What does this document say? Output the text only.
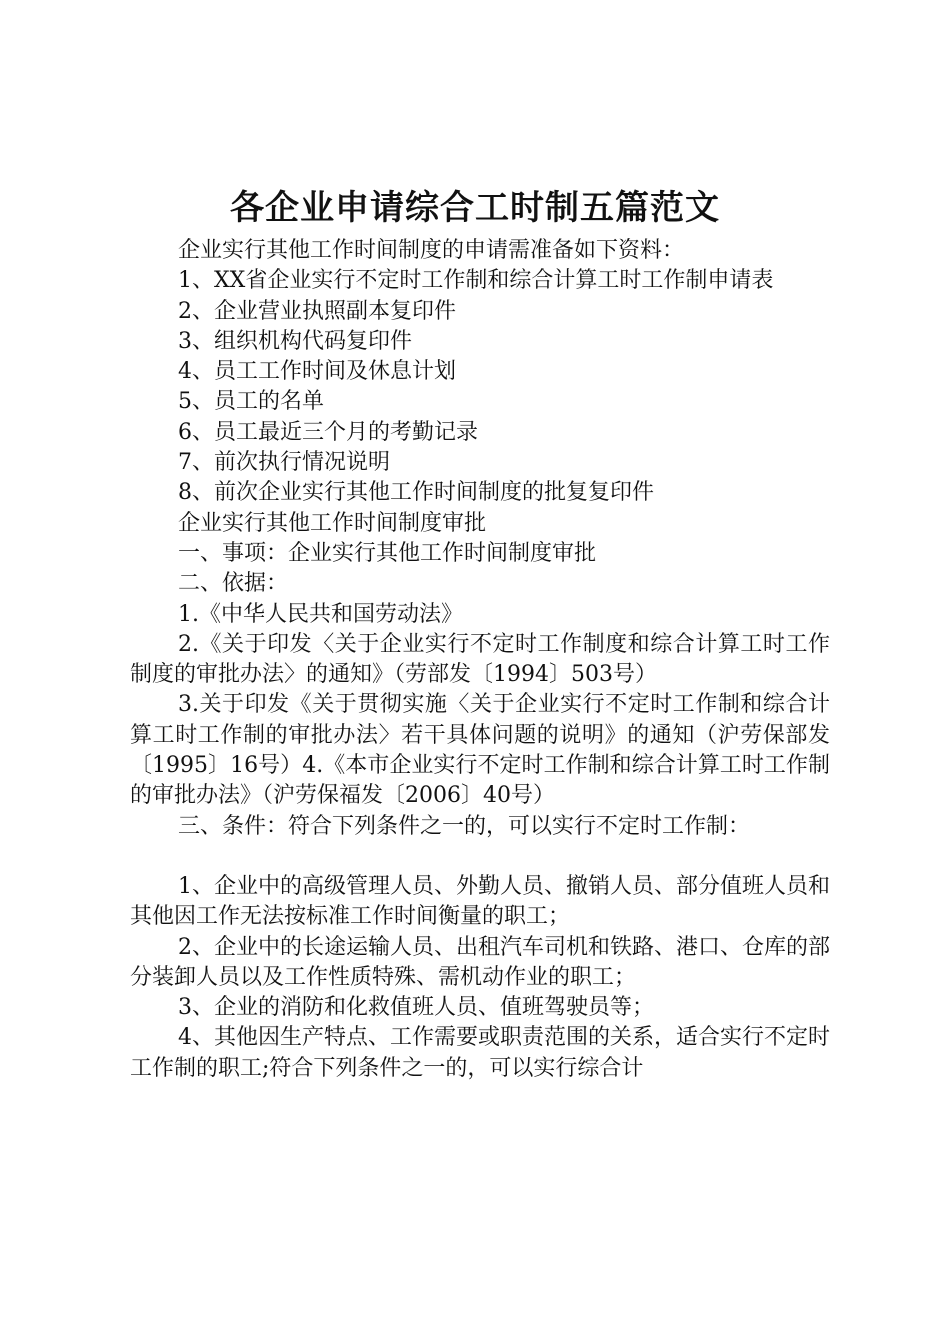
各企业申请综合工时制五篇范文

企业实行其他工作时间制度的申请需准备如下资料：

1、XX省企业实行不定时工作制和综合计算工时工作制申请表

2、企业营业执照副本复印件

3、组织机构代码复印件

4、员工工作时间及休息计划

5、员工的名单

6、员工最近三个月的考勤记录

7、前次执行情况说明

8、前次企业实行其他工作时间制度的批复复印件

企业实行其他工作时间制度审批

一、事项：企业实行其他工作时间制度审批

二、依据：

1.《中华人民共和国劳动法》

2.《关于印发〈关于企业实行不定时工作制度和综合计算工时工作制度的审批办法〉的通知》（劳部发〔1994〕503号）

3.关于印发《关于贯彻实施〈关于企业实行不定时工作制和综合计算工时工作制的审批办法〉若干具体问题的说明》的通知（沪劳保部发〔1995〕16号）4.《本市企业实行不定时工作制和综合计算工时工作制的审批办法》（沪劳保福发〔2006〕40号）

三、条件：符合下列条件之一的，可以实行不定时工作制：

1、企业中的高级管理人员、外勤人员、撤销人员、部分值班人员和其他因工作无法按标准工作时间衡量的职工；

2、企业中的长途运输人员、出租汽车司机和铁路、港口、仓库的部分装卸人员以及工作性质特殊、需机动作业的职工；

3、企业的消防和化救值班人员、值班驾驶员等；

4、其他因生产特点、工作需要或职责范围的关系，适合实行不定时工作制的职工;符合下列条件之一的，可以实行综合计
